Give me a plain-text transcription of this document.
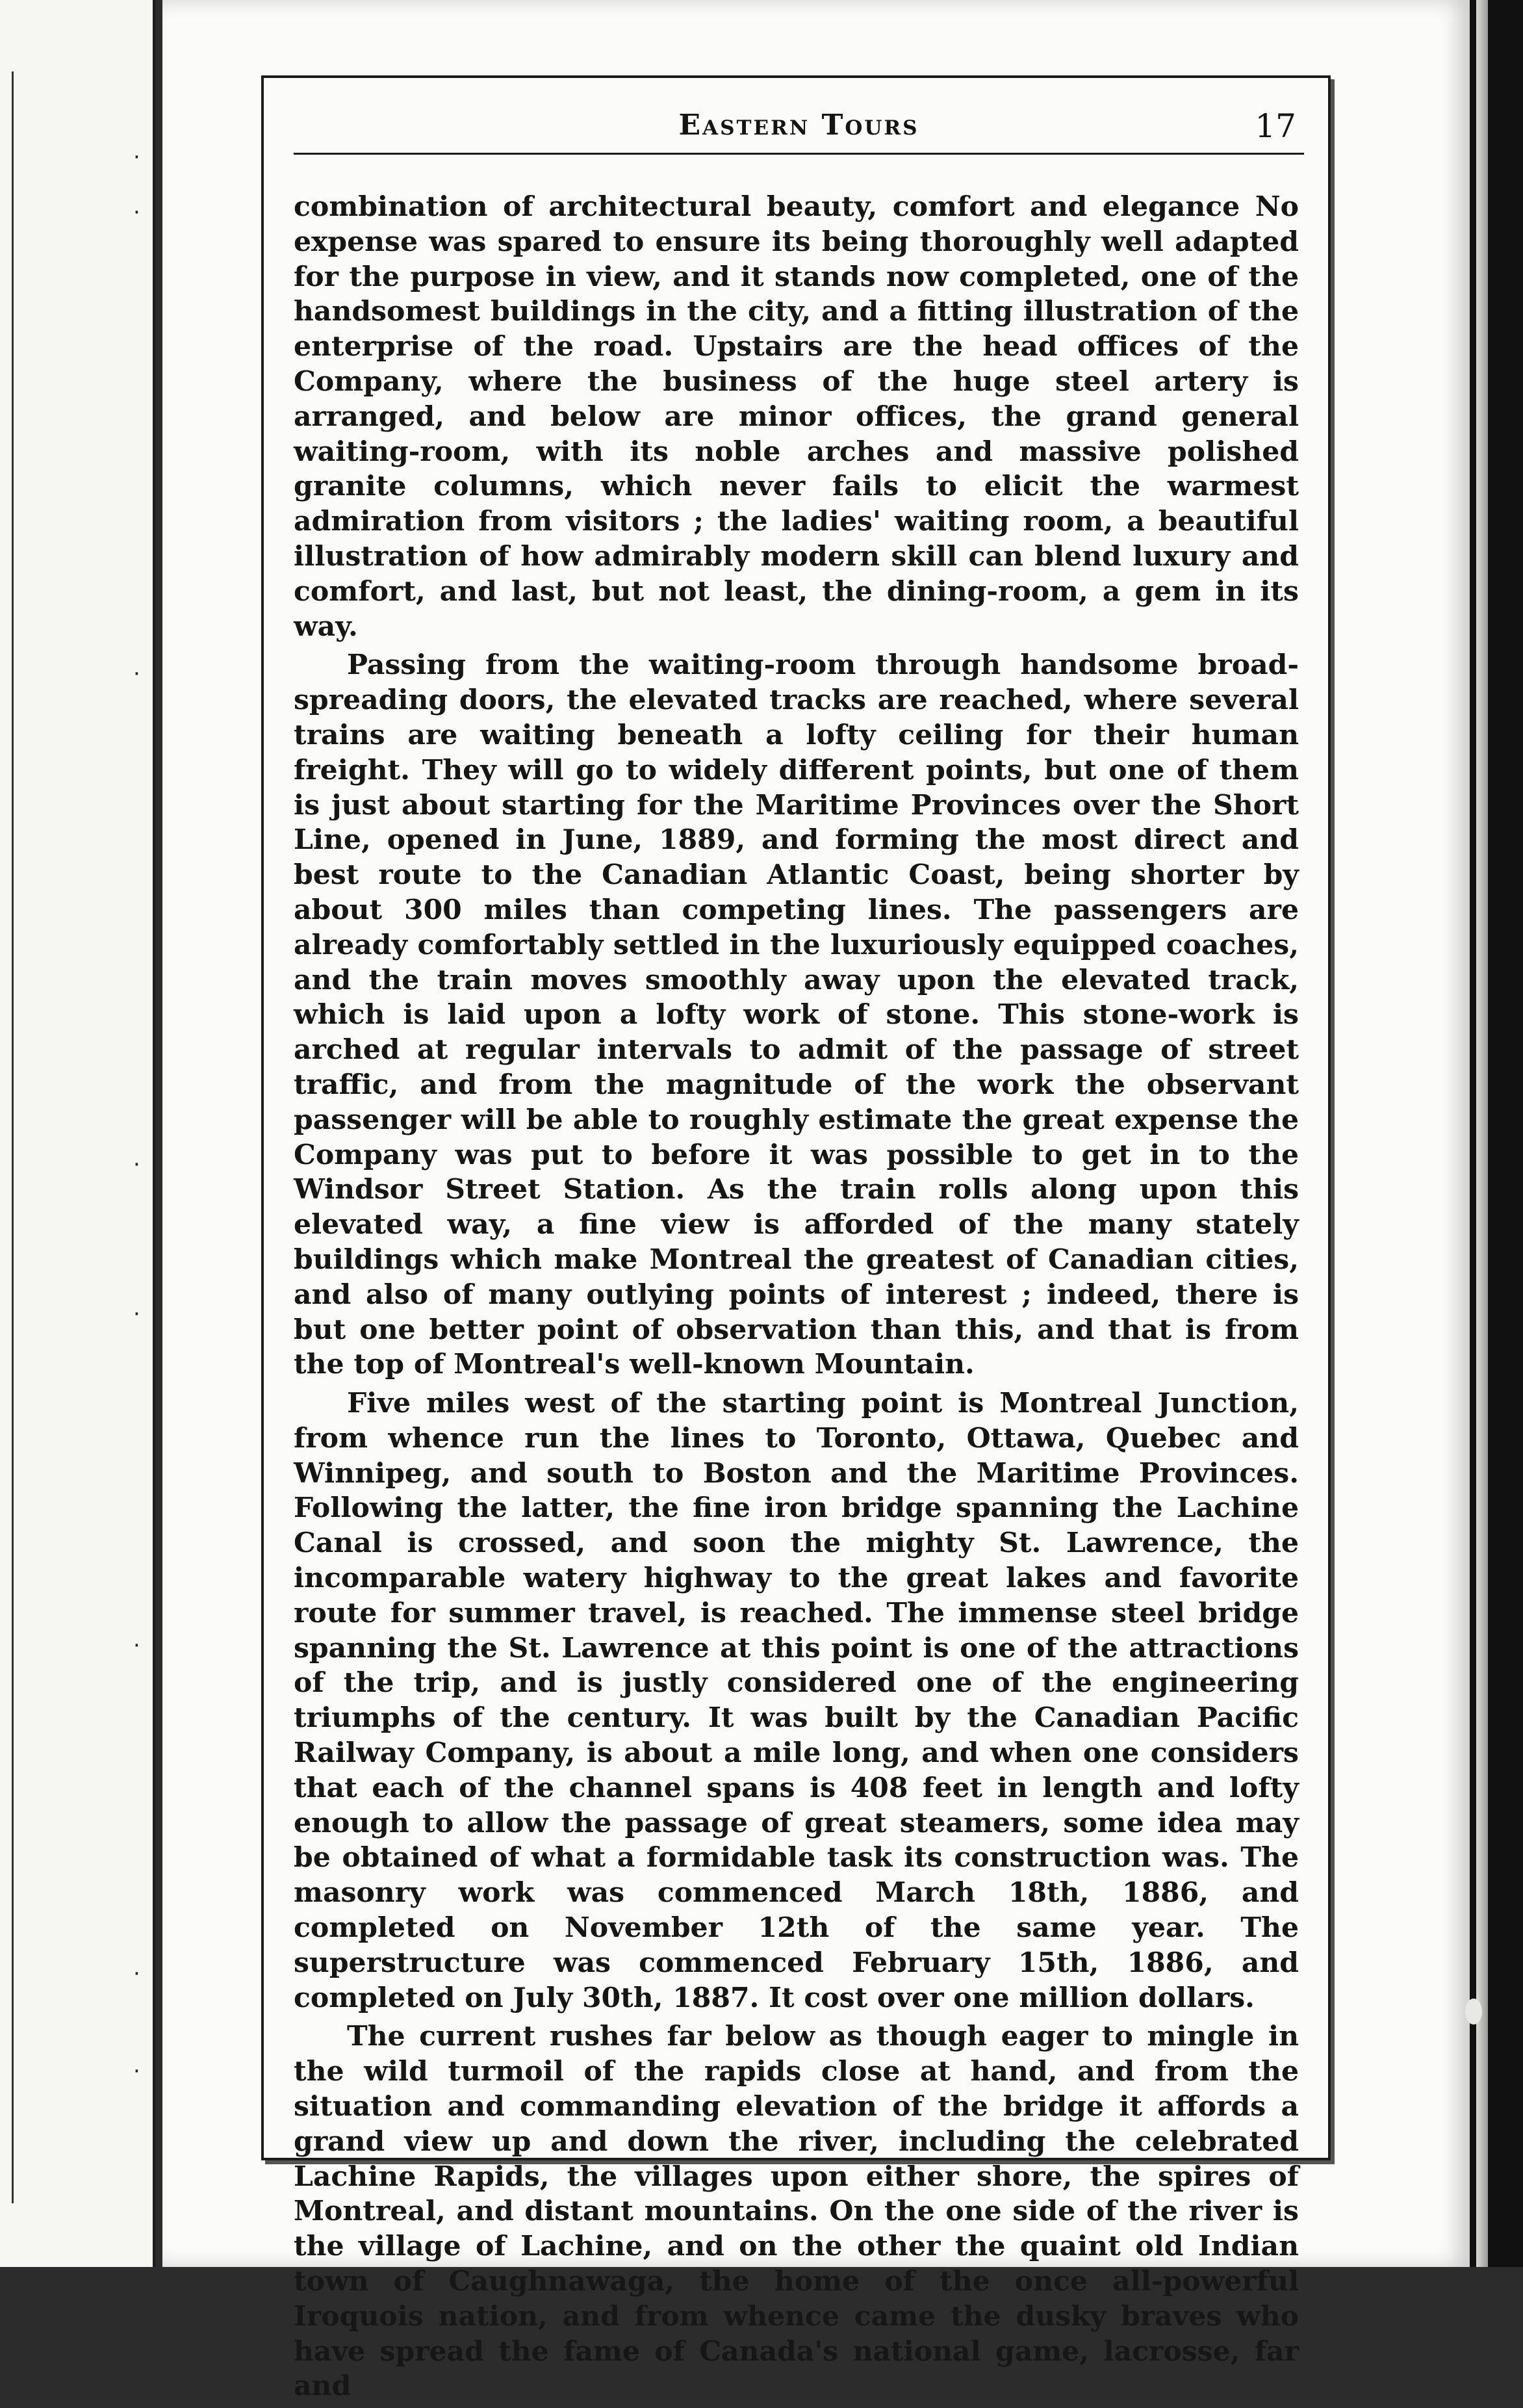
·
·
·
·
·
·
·
·
Eastern Tours	17

combination of architectural beauty, comfort and elegance No expense was spared to ensure its being thoroughly well adapted for the purpose in view, and it stands now completed, one of the handsomest buildings in the city, and a fitting illustration of the enterprise of the road. Upstairs are the head offices of the Company, where the business of the huge steel artery is arranged, and below are minor offices, the grand general waiting-room, with its noble arches and massive polished granite columns, which never fails to elicit the warmest admiration from visitors ; the ladies' waiting room, a beautiful illustration of how admirably modern skill can blend luxury and comfort, and last, but not least, the dining-room, a gem in its way.

Passing from the waiting-room through handsome broad-spreading doors, the elevated tracks are reached, where several trains are waiting beneath a lofty ceiling for their human freight. They will go to widely different points, but one of them is just about starting for the Maritime Provinces over the Short Line, opened in June, 1889, and forming the most direct and best route to the Canadian Atlantic Coast, being shorter by about 300 miles than competing lines. The passengers are already comfortably settled in the luxuriously equipped coaches, and the train moves smoothly away upon the elevated track, which is laid upon a lofty work of stone. This stone-work is arched at regular intervals to admit of the passage of street traffic, and from the magnitude of the work the observant passenger will be able to roughly estimate the great expense the Company was put to before it was possible to get in to the Windsor Street Station. As the train rolls along upon this elevated way, a fine view is afforded of the many stately buildings which make Montreal the greatest of Canadian cities, and also of many outlying points of interest ; indeed, there is but one better point of observation than this, and that is from the top of Montreal's well-known Mountain.

Five miles west of the starting point is Montreal Junction, from whence run the lines to Toronto, Ottawa, Quebec and Winnipeg, and south to Boston and the Maritime Provinces. Following the latter, the fine iron bridge spanning the Lachine Canal is crossed, and soon the mighty St. Lawrence, the incomparable watery highway to the great lakes and favorite route for summer travel, is reached. The immense steel bridge spanning the St. Lawrence at this point is one of the attractions of the trip, and is justly considered one of the engineering triumphs of the century. It was built by the Canadian Pacific Railway Company, is about a mile long, and when one considers that each of the channel spans is 408 feet in length and lofty enough to allow the passage of great steamers, some idea may be obtained of what a formidable task its construction was. The masonry work was commenced March 18th, 1886, and completed on November 12th of the same year. The superstructure was commenced February 15th, 1886, and completed on July 30th, 1887. It cost over one million dollars.

The current rushes far below as though eager to mingle in the wild turmoil of the rapids close at hand, and from the situation and commanding elevation of the bridge it affords a grand view up and down the river, including the celebrated Lachine Rapids, the villages upon either shore, the spires of Montreal, and distant mountains. On the one side of the river is the village of Lachine, and on the other the quaint old Indian town of Caughnawaga, the home of the once all-powerful Iroquois nation, and from whence came the dusky braves who have spread the fame of Canada's national game, lacrosse, far and
